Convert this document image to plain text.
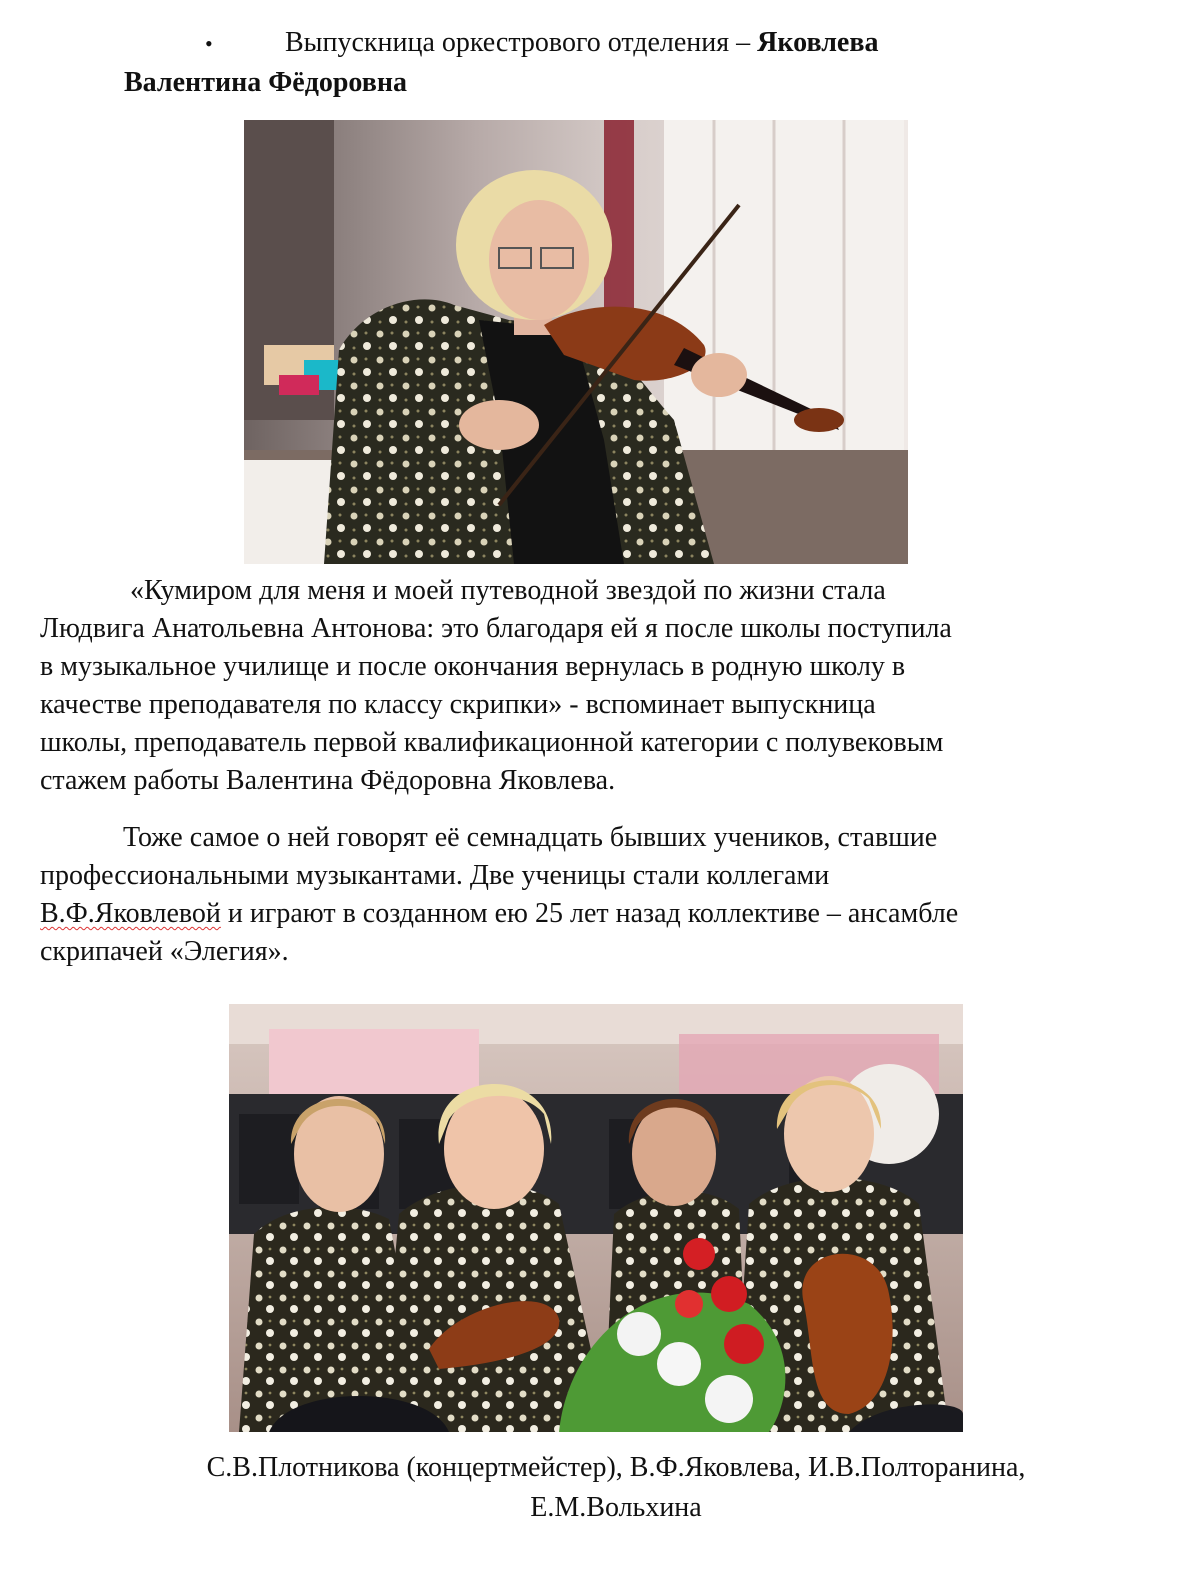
•	Выпускница оркестрового отделения – Яковлева
Валентина Фёдоровна

«Кумиром для меня и моей путеводной звездой по жизни стала
Людвига Анатольевна Антонова: это благодаря ей я после школы поступила
в музыкальное училище и после окончания вернулась в родную школу в
качестве преподавателя по классу скрипки» - вспоминает выпускница
школы, преподаватель первой квалификационной категории с полувековым
стажем работы Валентина Фёдоровна Яковлева.

Тоже самое о ней говорят её семнадцать бывших учеников, ставшие
профессиональными музыкантами. Две ученицы стали коллегами
В.Ф.Яковлевой и играют в созданном ею 25 лет назад коллективе – ансамбле
скрипачей «Элегия».

С.В.Плотникова (концертмейстер), В.Ф.Яковлева, И.В.Полторанина,
Е.М.Вольхина
